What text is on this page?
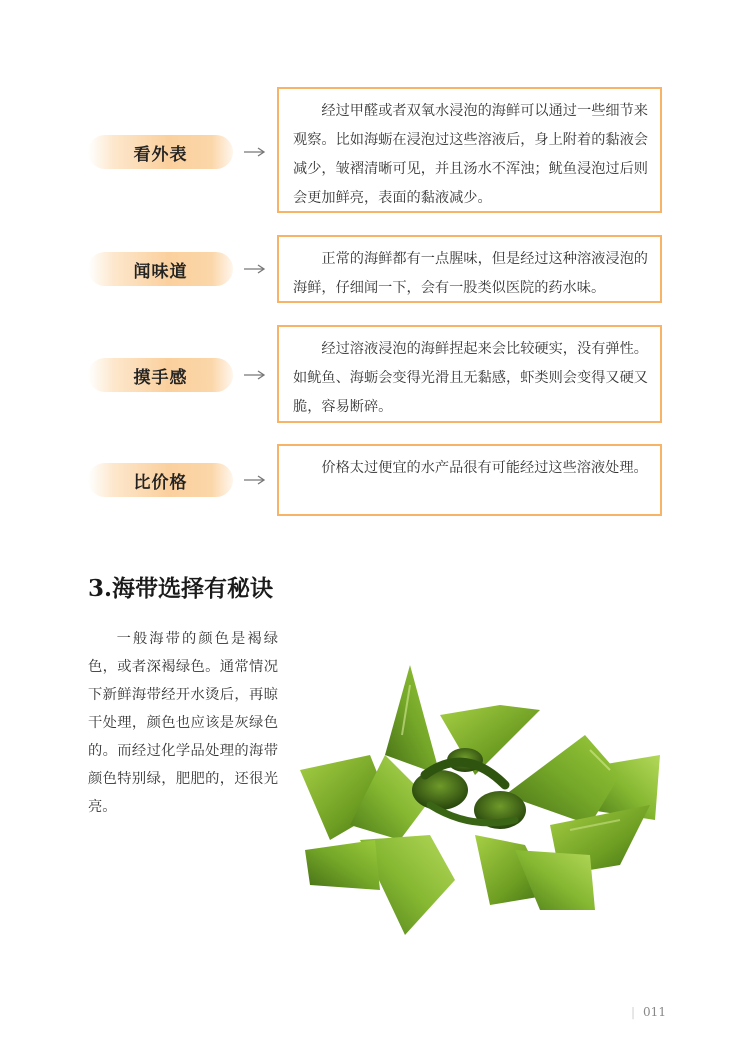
看外表
经过甲醛或者双氧水浸泡的海鲜可以通过一些细节来观察。比如海蛎在浸泡过这些溶液后，身上附着的黏液会减少，皱褶清晰可见，并且汤水不浑浊；鱿鱼浸泡过后则会更加鲜亮，表面的黏液减少。
闻味道
正常的海鲜都有一点腥味，但是经过这种溶液浸泡的海鲜，仔细闻一下，会有一股类似医院的药水味。
摸手感
经过溶液浸泡的海鲜捏起来会比较硬实，没有弹性。如鱿鱼、海蛎会变得光滑且无黏感，虾类则会变得又硬又脆，容易断碎。
比价格
价格太过便宜的水产品很有可能经过这些溶液处理。
3.海带选择有秘诀
一般海带的颜色是褐绿色，或者深褐绿色。通常情况下新鲜海带经开水烫后，再晾干处理，颜色也应该是灰绿色的。而经过化学品处理的海带颜色特别绿，肥肥的，还很光亮。
| 011
